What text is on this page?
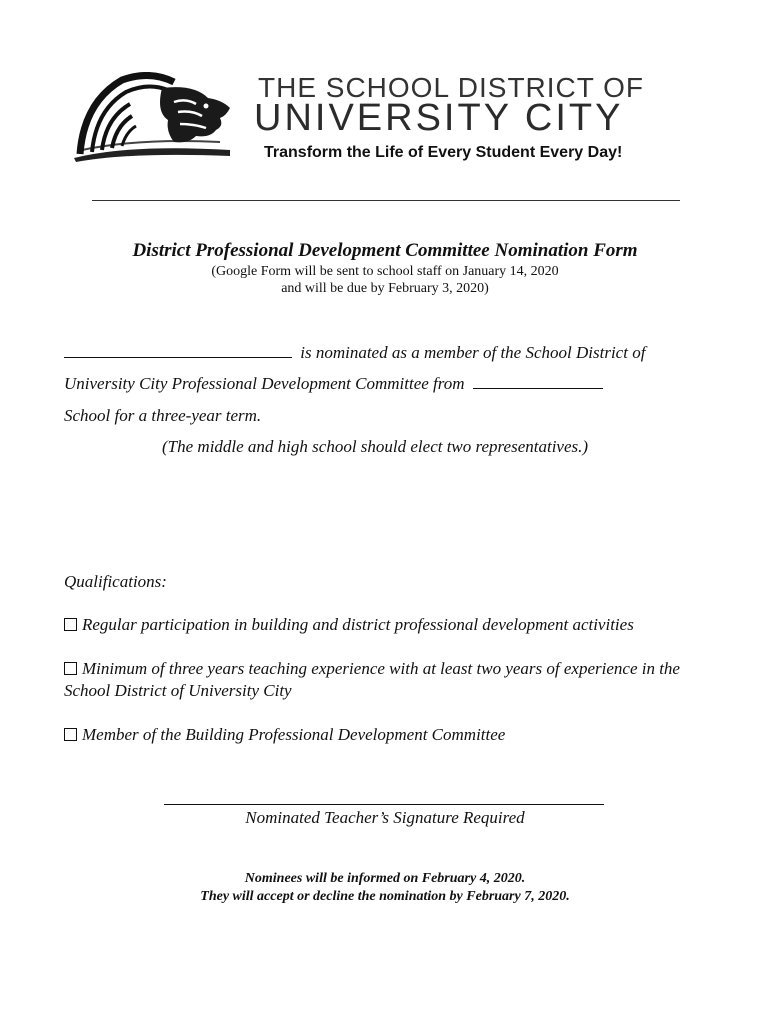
THE SCHOOL DISTRICT OF
UNIVERSITY CITY
Transform the Life of Every Student Every Day!
District Professional Development Committee Nomination Form
(Google Form will be sent to school staff on January 14, 2020
and will be due by February 3, 2020)
is nominated as a member of the School District of
University City Professional Development Committee from
School for a three-year term.
(The middle and high school should elect two representatives.)
Qualifications:
Regular participation in building and district professional development activities
Minimum of three years teaching experience with at least two years of experience in the School District of University City
Member of the Building Professional Development Committee
Nominated Teacher’s Signature Required
Nominees will be informed on February 4, 2020.
They will accept or decline the nomination by February 7, 2020.
